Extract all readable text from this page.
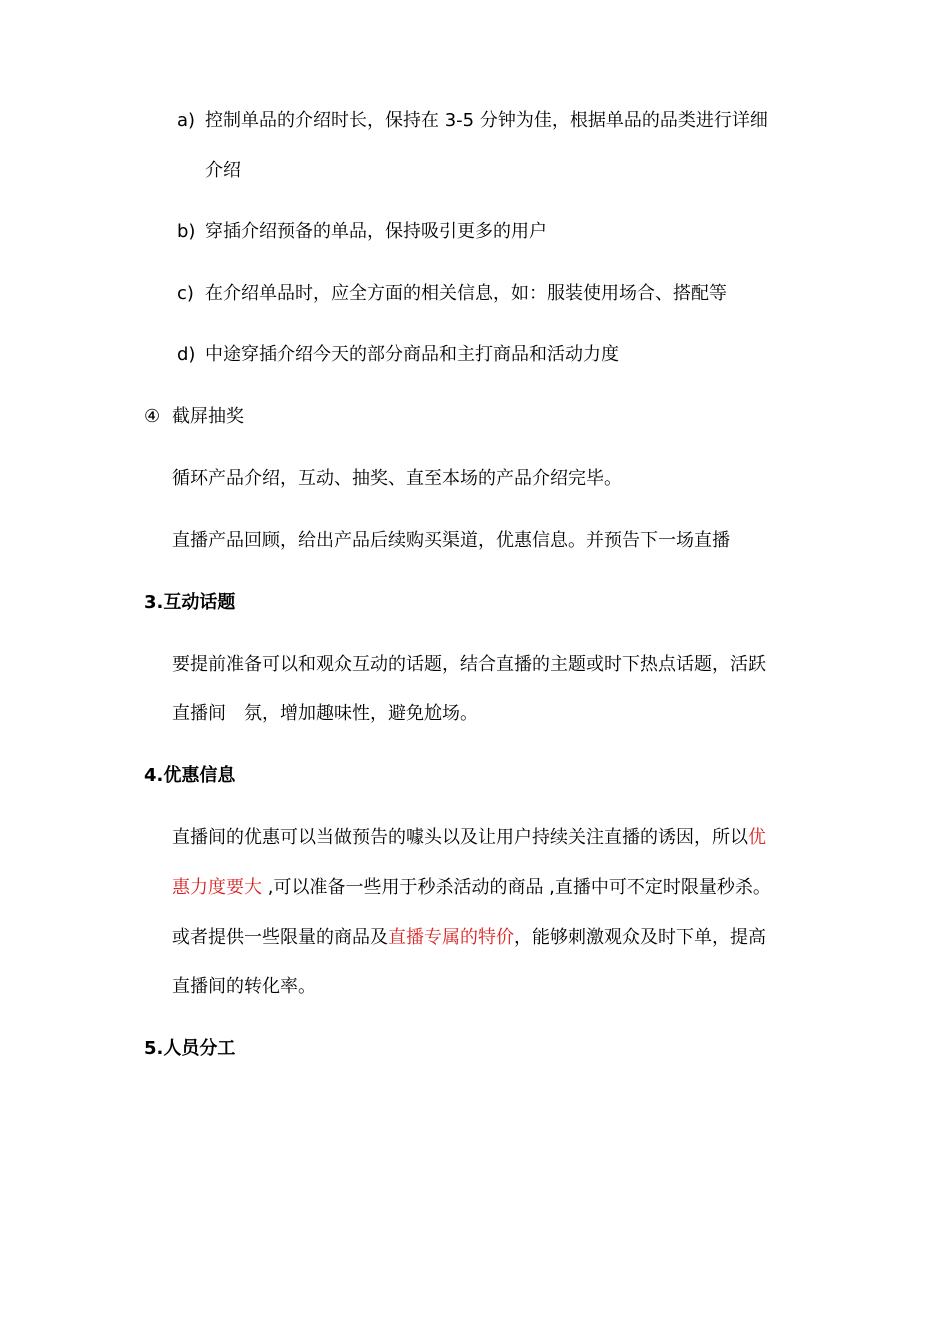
a) 控制单品的介绍时长，保持在 3-5 分钟为佳，根据单品的品类进行详细
介绍
b) 穿插介绍预备的单品，保持吸引更多的用户
c) 在介绍单品时，应全方面的相关信息，如：服装使用场合、搭配等
d) 中途穿插介绍今天的部分商品和主打商品和活动力度
④ 截屏抽奖
循环产品介绍，互动、抽奖、直至本场的产品介绍完毕。
直播产品回顾，给出产品后续购买渠道，优惠信息。并预告下一场直播
3.互动话题
要提前准备可以和观众互动的话题，结合直播的主题或时下热点话题，活跃
直播间　氛，增加趣味性，避免尬场。
4.优惠信息
直播间的优惠可以当做预告的噱头以及让用户持续关注直播的诱因，所以优
惠力度要大 ,可以准备一些用于秒杀活动的商品 ,直播中可不定时限量秒杀。
或者提供一些限量的商品及直播专属的特价，能够刺激观众及时下单，提高
直播间的转化率。
5.人员分工
